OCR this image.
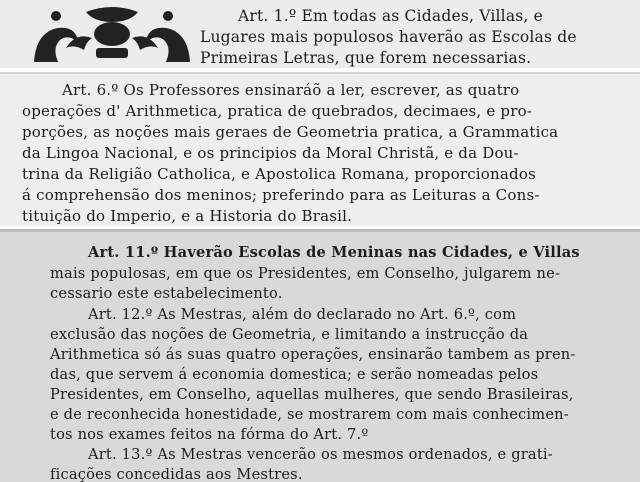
Art. 1.º Em todas as Cidades, Villas, e
Lugares mais populosos haverão as Escolas de
Primeiras Letras, que forem necessarias.
Art. 6.º Os Professores ensinaráõ a ler, escrever, as quatro
operações d' Arithmetica, pratica de quebrados, decimaes, e pro-
porções, as noções mais geraes de Geometria pratica, a Grammatica
da Lingoa Nacional, e os principios da Moral Christã, e da Dou-
trina da Religião Catholica, e Apostolica Romana, proporcionados
á comprehensão dos meninos; preferindo para as Leituras a Cons-
tituição do Imperio, e a Historia do Brasil.
Art. 11.º Haverão Escolas de Meninas nas Cidades, e Villas
mais populosas, em que os Presidentes, em Conselho, julgarem ne-
cessario este estabelecimento.
Art. 12.º As Mestras, além do declarado no Art. 6.º, com
exclusão das noções de Geometria, e limitando a instrucção da
Arithmetica só ás suas quatro operações, ensinarão tambem as pren-
das, que servem á economia domestica; e serão nomeadas pelos
Presidentes, em Conselho, aquellas mulheres, que sendo Brasileiras,
e de reconhecida honestidade, se mostrarem com mais conhecimen-
tos nos exames feitos na fórma do Art. 7.º
Art. 13.º As Mestras vencerão os mesmos ordenados, e grati-
ficações concedidas aos Mestres.
